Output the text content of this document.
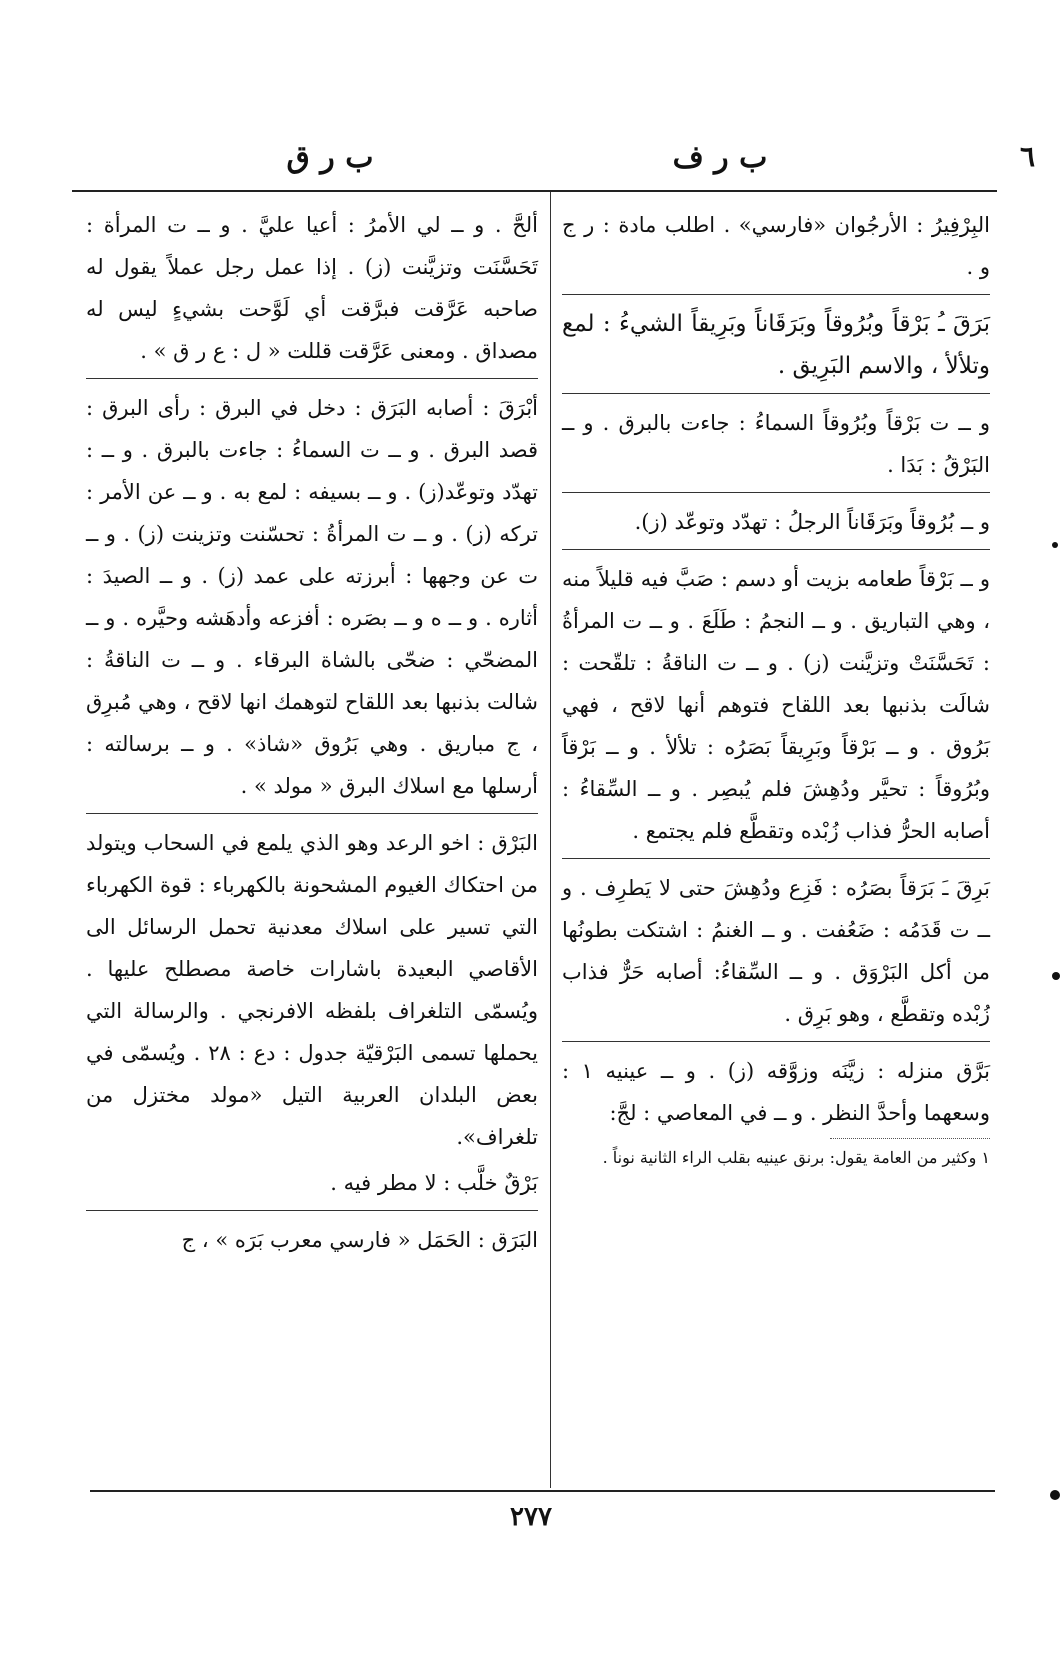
ب ر ق	ب ر ف	٦

البِرْفِيرُ : الأرجُوان «فارسي» . اطلب مادة : ر ج و .

بَرَقَ ـُ بَرْقاً وبُرُوقاً وبَرَقَاناً وبَرِيقاً الشيءُ : لمع وتلألأ ، والاسم البَرِيق .

و ــ ت بَرْقاً وبُرُوقاً السماءُ : جاءت بالبرق . و ــ البَرْقُ : بَدَا .

و ــ بُرُوقاً وبَرَقَاناً الرجلُ : تهدّد وتوعّد (ز).

و ــ بَرْقاً طعامه بزيت أو دسم : صَبَّ فيه قليلاً منه ، وهي التباريق . و ــ النجمُ : طَلَعَ . و ــ ت المرأةُ : تَحَسَّنَتْ وتزيَّنت (ز) . و ــ ت الناقةُ : تلقّحت : شالَت بذنبها بعد اللقاح فتوهم أنها لاقح ، فهي بَرُوق . و ــ بَرْقاً وبَرِيقاً بَصَرُه : تلألأ . و ــ بَرْقاً وبُرُوقاً : تحيَّر ودُهِشَ فلم يُبصِر . و ــ السِّقاءُ : أصابه الحرُّ فذاب زُبْده وتقطَّع فلم يجتمع .

بَرِقَ ـَ بَرَقاً بصَرُه : فَزِع ودُهِشَ حتى لا يَطرِف . و ــ ت قَدَمُه : ضَعُفت . و ــ الغنمُ : اشتكت بطونُها من أكل البَرْوَق . و ــ السِّقاءُ: أصابه حَرٌّ فذاب زُبْده وتقطَّع ، وهو بَرِق .

بَرَّق منزله : زيَّنَه وزوَّقه (ز) . و ــ عينيه ١ : وسعهما وأحدَّ النظر . و ــ في المعاصي : لجَّ:

١ وكثير من العامة يقول: برنق عينيه بقلب الراء الثانية نوناً .

ألحَّ . و ــ لي الأمرُ : أعيا عليَّ . و ــ ت المرأة : تَحَسَّنَت وتزيَّنت (ز) . إذا عمل رجل عملاً يقول له صاحبه عَرَّقت فبرَّقت أي لَوَّحت بشيءٍ ليس له مصداق . ومعنى عَرَّقت قللت « ل : ع ر ق » .

أبْرَقَ : أصابه البَرَق : دخل في البرق : رأى البرق : قصد البرق . و ــ ت السماءُ : جاءت بالبرق . و ــ : تهدّد وتوعّد(ز) . و ــ بسيفه : لمع به . و ــ عن الأمر : تركه (ز) . و ــ ت المرأةُ : تحسّنت وتزينت (ز) . و ــ ت عن وجهها : أبرزته على عمد (ز) . و ــ الصيدَ : أثاره . و ــ ه و ــ بصَره : أفزعه وأدهَشه وحيَّره . و ــ المضحّي : ضحّى بالشاة البرقاء . و ــ ت الناقةُ : شالت بذنبها بعد اللقاح لتوهمك انها لاقح ، وهي مُبرِق ، ج مباريق . وهي بَرُوق «شاذ» . و ــ برسالته : أرسلها مع اسلاك البرق « مولد » .

البَرْق : اخو الرعد وهو الذي يلمع في السحاب ويتولد من احتكاك الغيوم المشحونة بالكهرباء : قوة الكهرباء التي تسير على اسلاك معدنية تحمل الرسائل الى الأقاصي البعيدة باشارات خاصة مصطلح عليها . ويُسمّى التلغراف بلفظه الافرنجي . والرسالة التي يحملها تسمى البَرْقيّة جدول : دع : ٢٨ . ويُسمّى في بعض البلدان العربية التيل «مولد مختزل من تلغراف».

بَرْقٌ خلَّب : لا مطر فيه .

البَرَق : الحَمَل « فارسي معرب بَرَه » ، ج

٢٧٧
